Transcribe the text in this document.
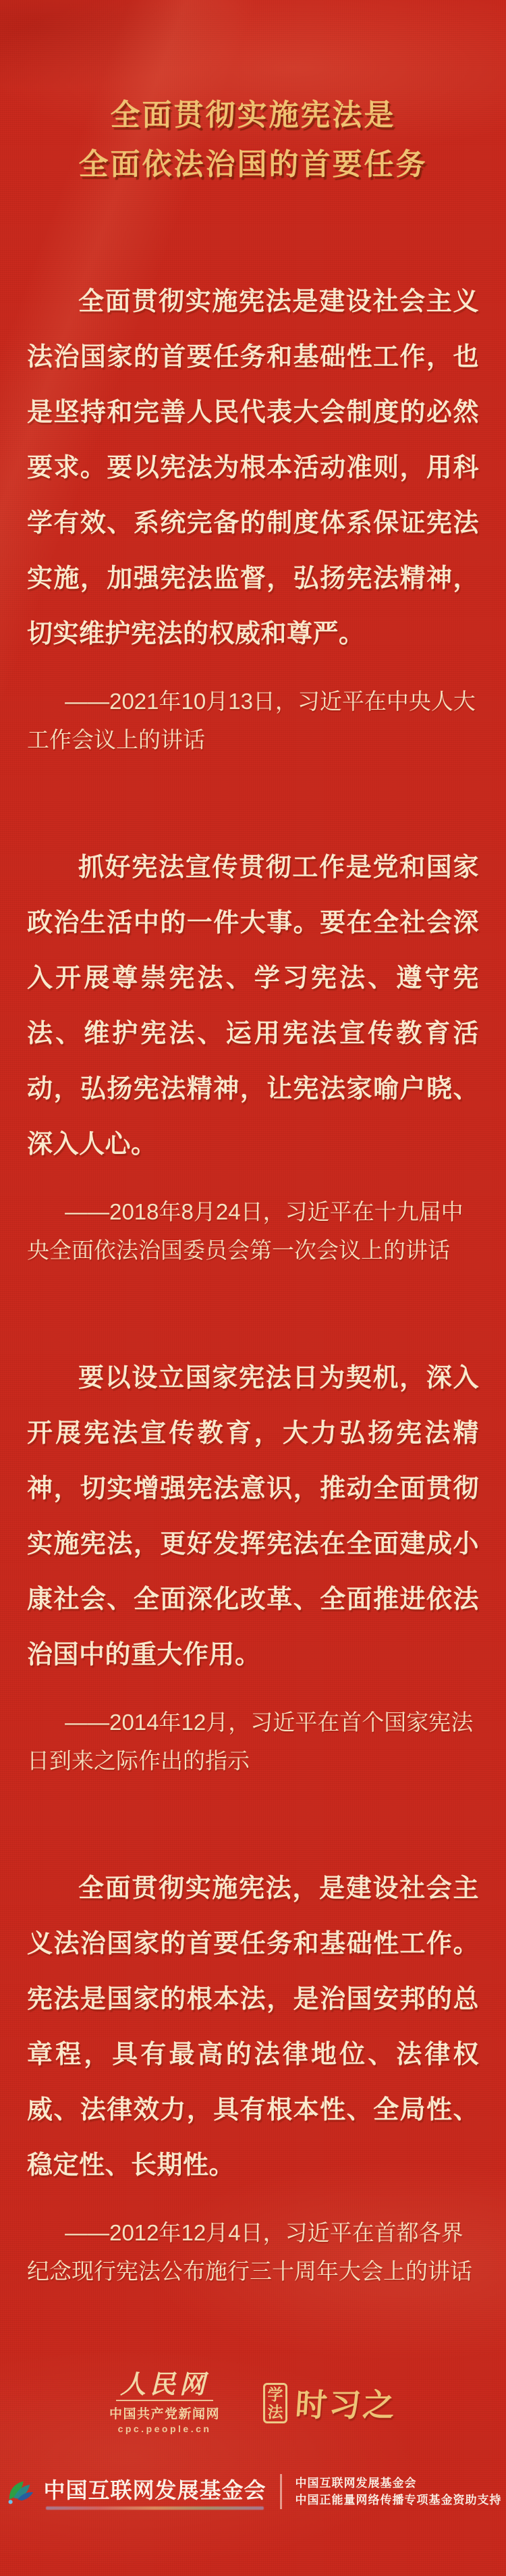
全面贯彻实施宪法是
全面依法治国的首要任务

全面贯彻实施宪法是建设社会主义法治国家的首要任务和基础性工作，也是坚持和完善人民代表大会制度的必然要求。要以宪法为根本活动准则，用科学有效、系统完备的制度体系保证宪法实施，加强宪法监督，弘扬宪法精神，切实维护宪法的权威和尊严。

——2021年10月13日，习近平在中央人大工作会议上的讲话

抓好宪法宣传贯彻工作是党和国家政治生活中的一件大事。要在全社会深入开展尊崇宪法、学习宪法、遵守宪法、维护宪法、运用宪法宣传教育活动，弘扬宪法精神，让宪法家喻户晓、深入人心。

——2018年8月24日，习近平在十九届中央全面依法治国委员会第一次会议上的讲话

要以设立国家宪法日为契机，深入开展宪法宣传教育，大力弘扬宪法精神，切实增强宪法意识，推动全面贯彻实施宪法，更好发挥宪法在全面建成小康社会、全面深化改革、全面推进依法治国中的重大作用。

——2014年12月，习近平在首个国家宪法日到来之际作出的指示

全面贯彻实施宪法，是建设社会主义法治国家的首要任务和基础性工作。宪法是国家的根本法，是治国安邦的总章程，具有最高的法律地位、法律权威、法律效力，具有根本性、全局性、稳定性、长期性。

——2012年12月4日，习近平在首都各界纪念现行宪法公布施行三十周年大会上的讲话

人民网
中国共产党新闻网
cpc.people.cn
学
法 时习之
中国互联网发展基金会	中国互联网发展基金会
中国正能量网络传播专项基金资助支持
